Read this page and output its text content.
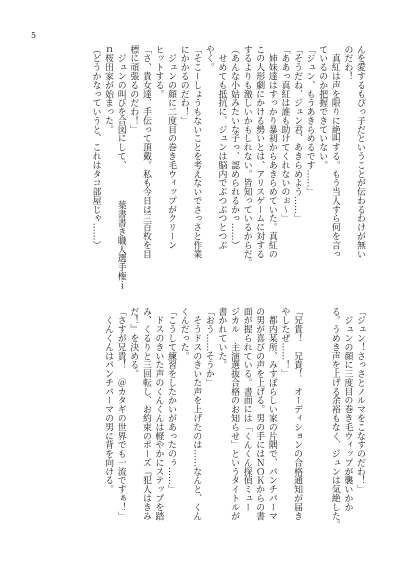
5
んを愛するもぴっ子だということが伝わるわけが無い
のだわ！
　真紅は声を限りに絶叫する。もう当人すら何を言っ
ているのか把握できていない。
「ジュン、もうあきらめるです……」
「そうだね、ジュン君、あきらめよう……」
「ああっ真紅は誰も助けてくれないのぉ～」
　姉妹達はすっかり暴初からあきらめていた。真紅の
この人形劇にかける勢いとは、アリスゲームに対する
するよりも激しいかもしれない。皆知っているからだ。
（あんな小姑みたいな子っ、認められるかっ……）
　せめても抵抗に、ジュンは脳内でぶつぶつとつぶ
やく。
「そこーしょうもないことを考えないでさっさと作業
にかかるのだわ！」
　ジュンの顔に二度目の巻き毛ウィップがクリーン
ヒットする。
「さ、貴女達、手伝って頂戴。私も今日は三百枚を目
標に頑張るのだわ！」
　ジュンの叫びを合図にして、　　　　葉書書き職人選手権ｉ
ｎ桜田家が始まった。
（どうかなっていうと、これはタコ部屋じゃ……）
「ジュン！さっさとノルマをこなすのだわ！」
　ジュンの顔に三度目の巻き毛ウィップが襲いかか
る。うめき声を上げる余裕もなく、ジュンは気絶した。

「兄貴！　兄貴！　オーディションの合格通知が届き
やしたぜ……！」
　都内某所、みすぼらしい家の片隅で、パンチパーマ
の男が喜びの声を上げる。男の手にはＮＯＫからの書
面が握られている。書面には「くんくん探偵ミュー
ジカル　主演選抜合格のお知らせ」というタイトルが
書かれていた。
「おう……そうか」
　そうドスのきいた声を上げたのは……なんと、くん
くんだった。
「こうして練習をしたかいがあったのぅ……」
　ドスのきいた声のくんくんは軽やかにステップを踏
み、くるりと三回転し、お約束のポーズ『犯人はきみ
だ！』を決める。
「さすが兄貴！　＠カタギの世界でも一流ですぁ！」
　くんくんはパンチパーマの男に背を向ける。
